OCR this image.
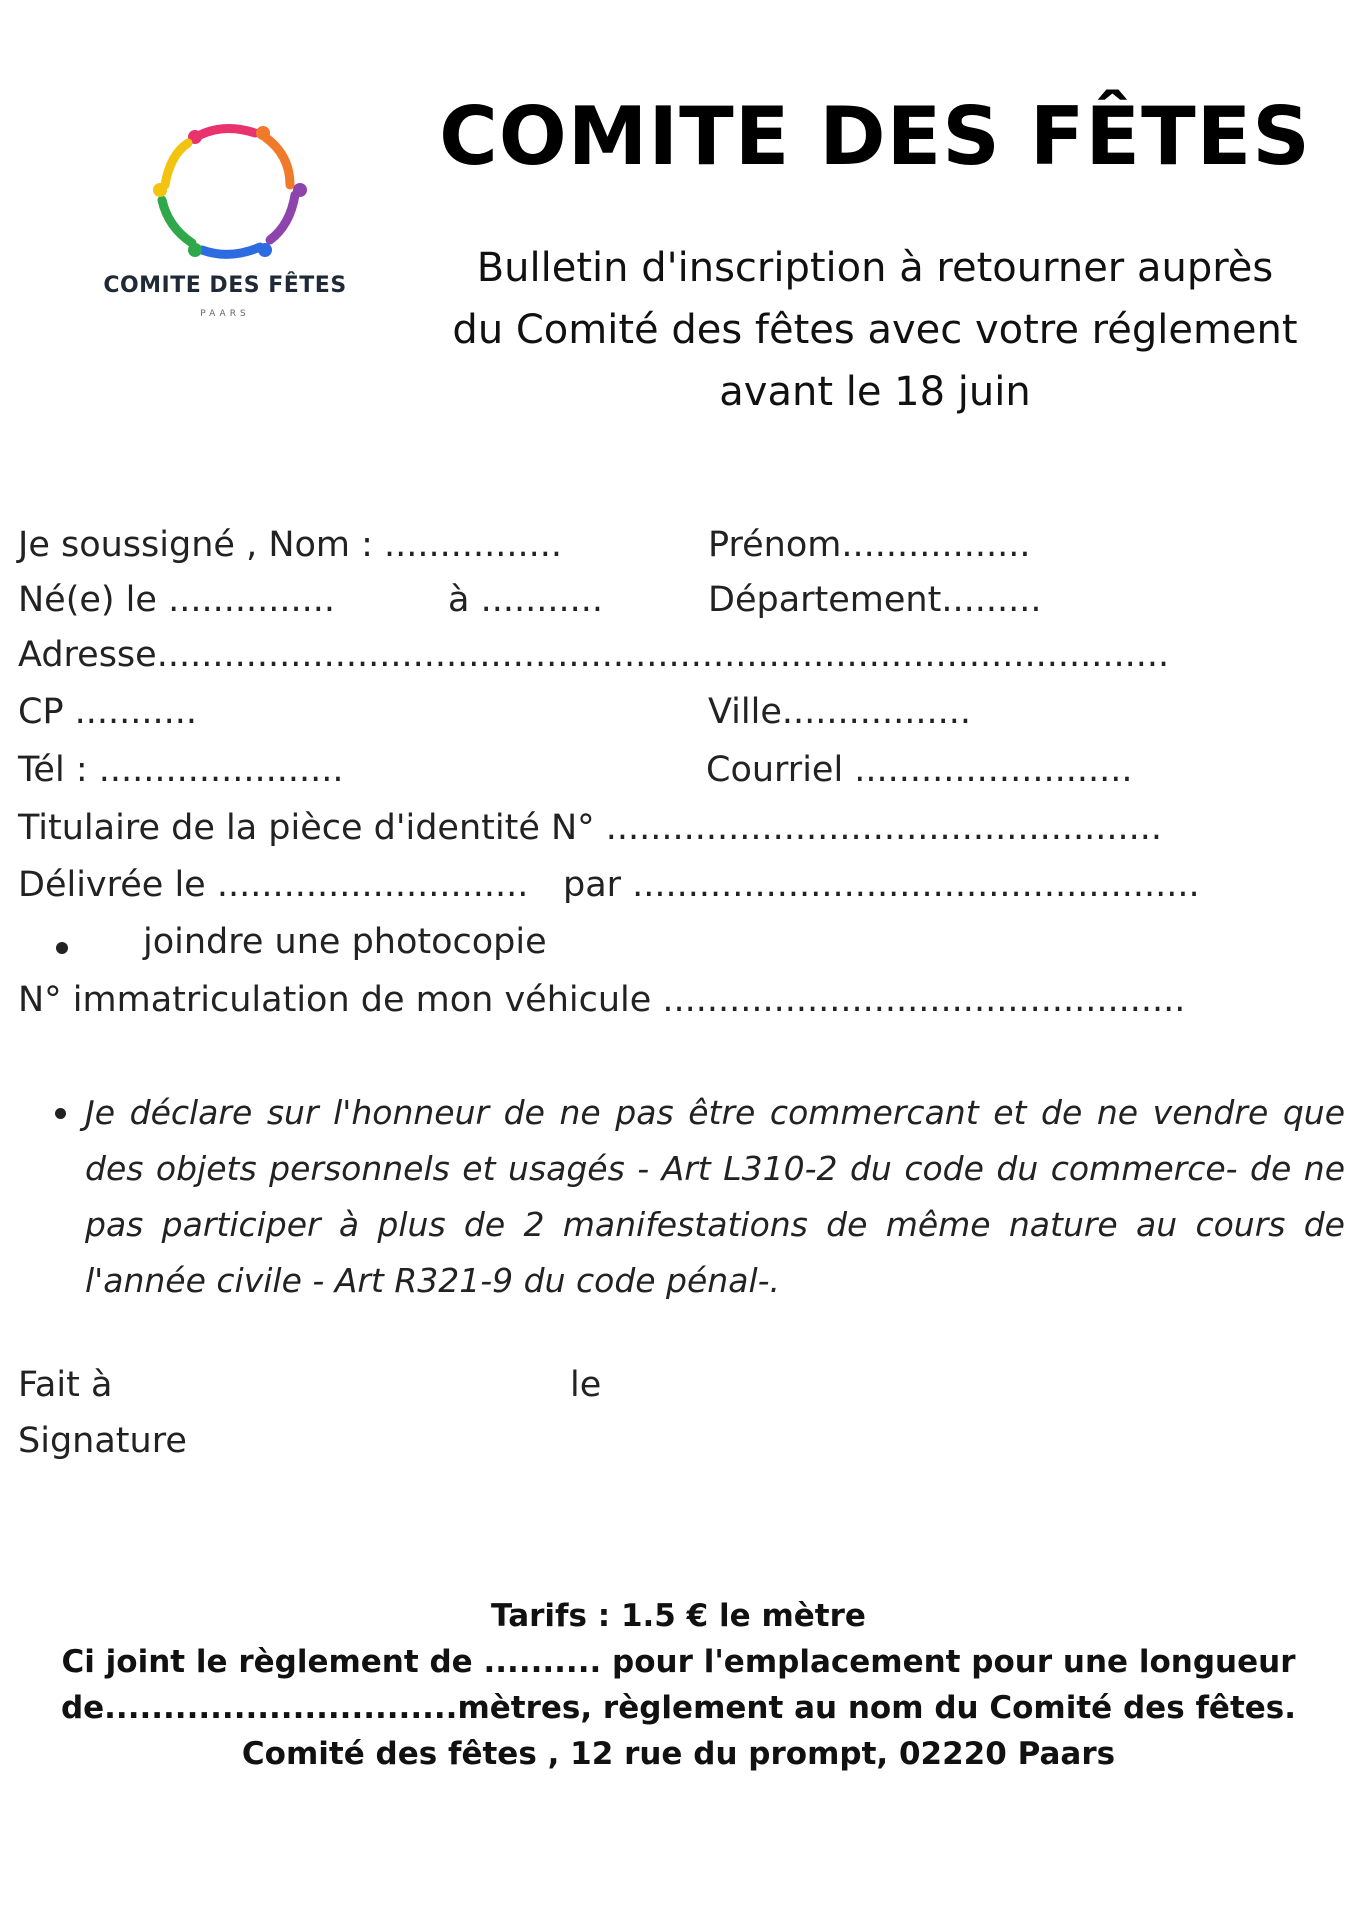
COMITE DES FÊTES
PAARS
COMITE DES FÊTES
Bulletin d'inscription à retourner auprès
du Comité des fêtes avec votre réglement
avant le 18 juin
Je soussigné , Nom : ................	Prénom.................
Né(e) le ...............	à ...........	Département.........
Adresse...........................................................................................
CP ...........	Ville.................
Tél : ......................	Courriel .........................
Titulaire de la pièce d'identité N° ..................................................
Délivrée le ............................ par ...................................................
joindre une photocopie
N° immatriculation de mon véhicule ...............................................
Je déclare sur l'honneur de ne pas être commercant et de ne vendre que des objets personnels et usagés - Art L310-2 du code du commerce- de ne pas participer à plus de 2 manifestations de même nature au cours de l'année civile - Art R321-9 du code pénal-.
Fait à	le
Signature
Tarifs : 1.5 € le mètre
Ci joint le règlement de .......... pour l'emplacement pour une longueur
de..............................mètres, règlement au nom du Comité des fêtes.
Comité des fêtes , 12 rue du prompt, 02220 Paars
